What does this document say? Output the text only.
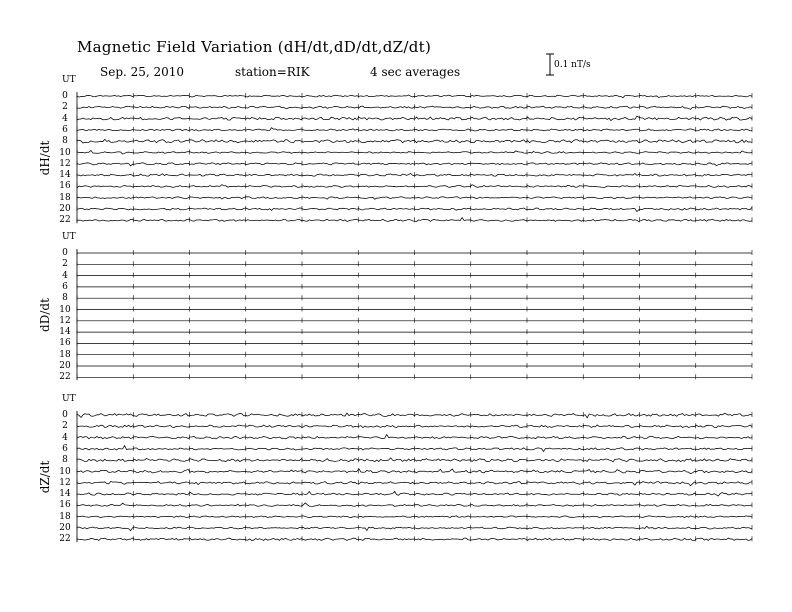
Magnetic Field Variation (dH/dt,dD/dt,dZ/dt)
Sep. 25, 2010	station=RIK	4 sec averages	0.1 nT/s
UT
dH/dt
0
2
4
6
8
10
12
14
16
18
20
22
UT
dD/dt
0
2
4
6
8
10
12
14
16
18
20
22
UT
dZ/dt
0
2
4
6
8
10
12
14
16
18
20
22
